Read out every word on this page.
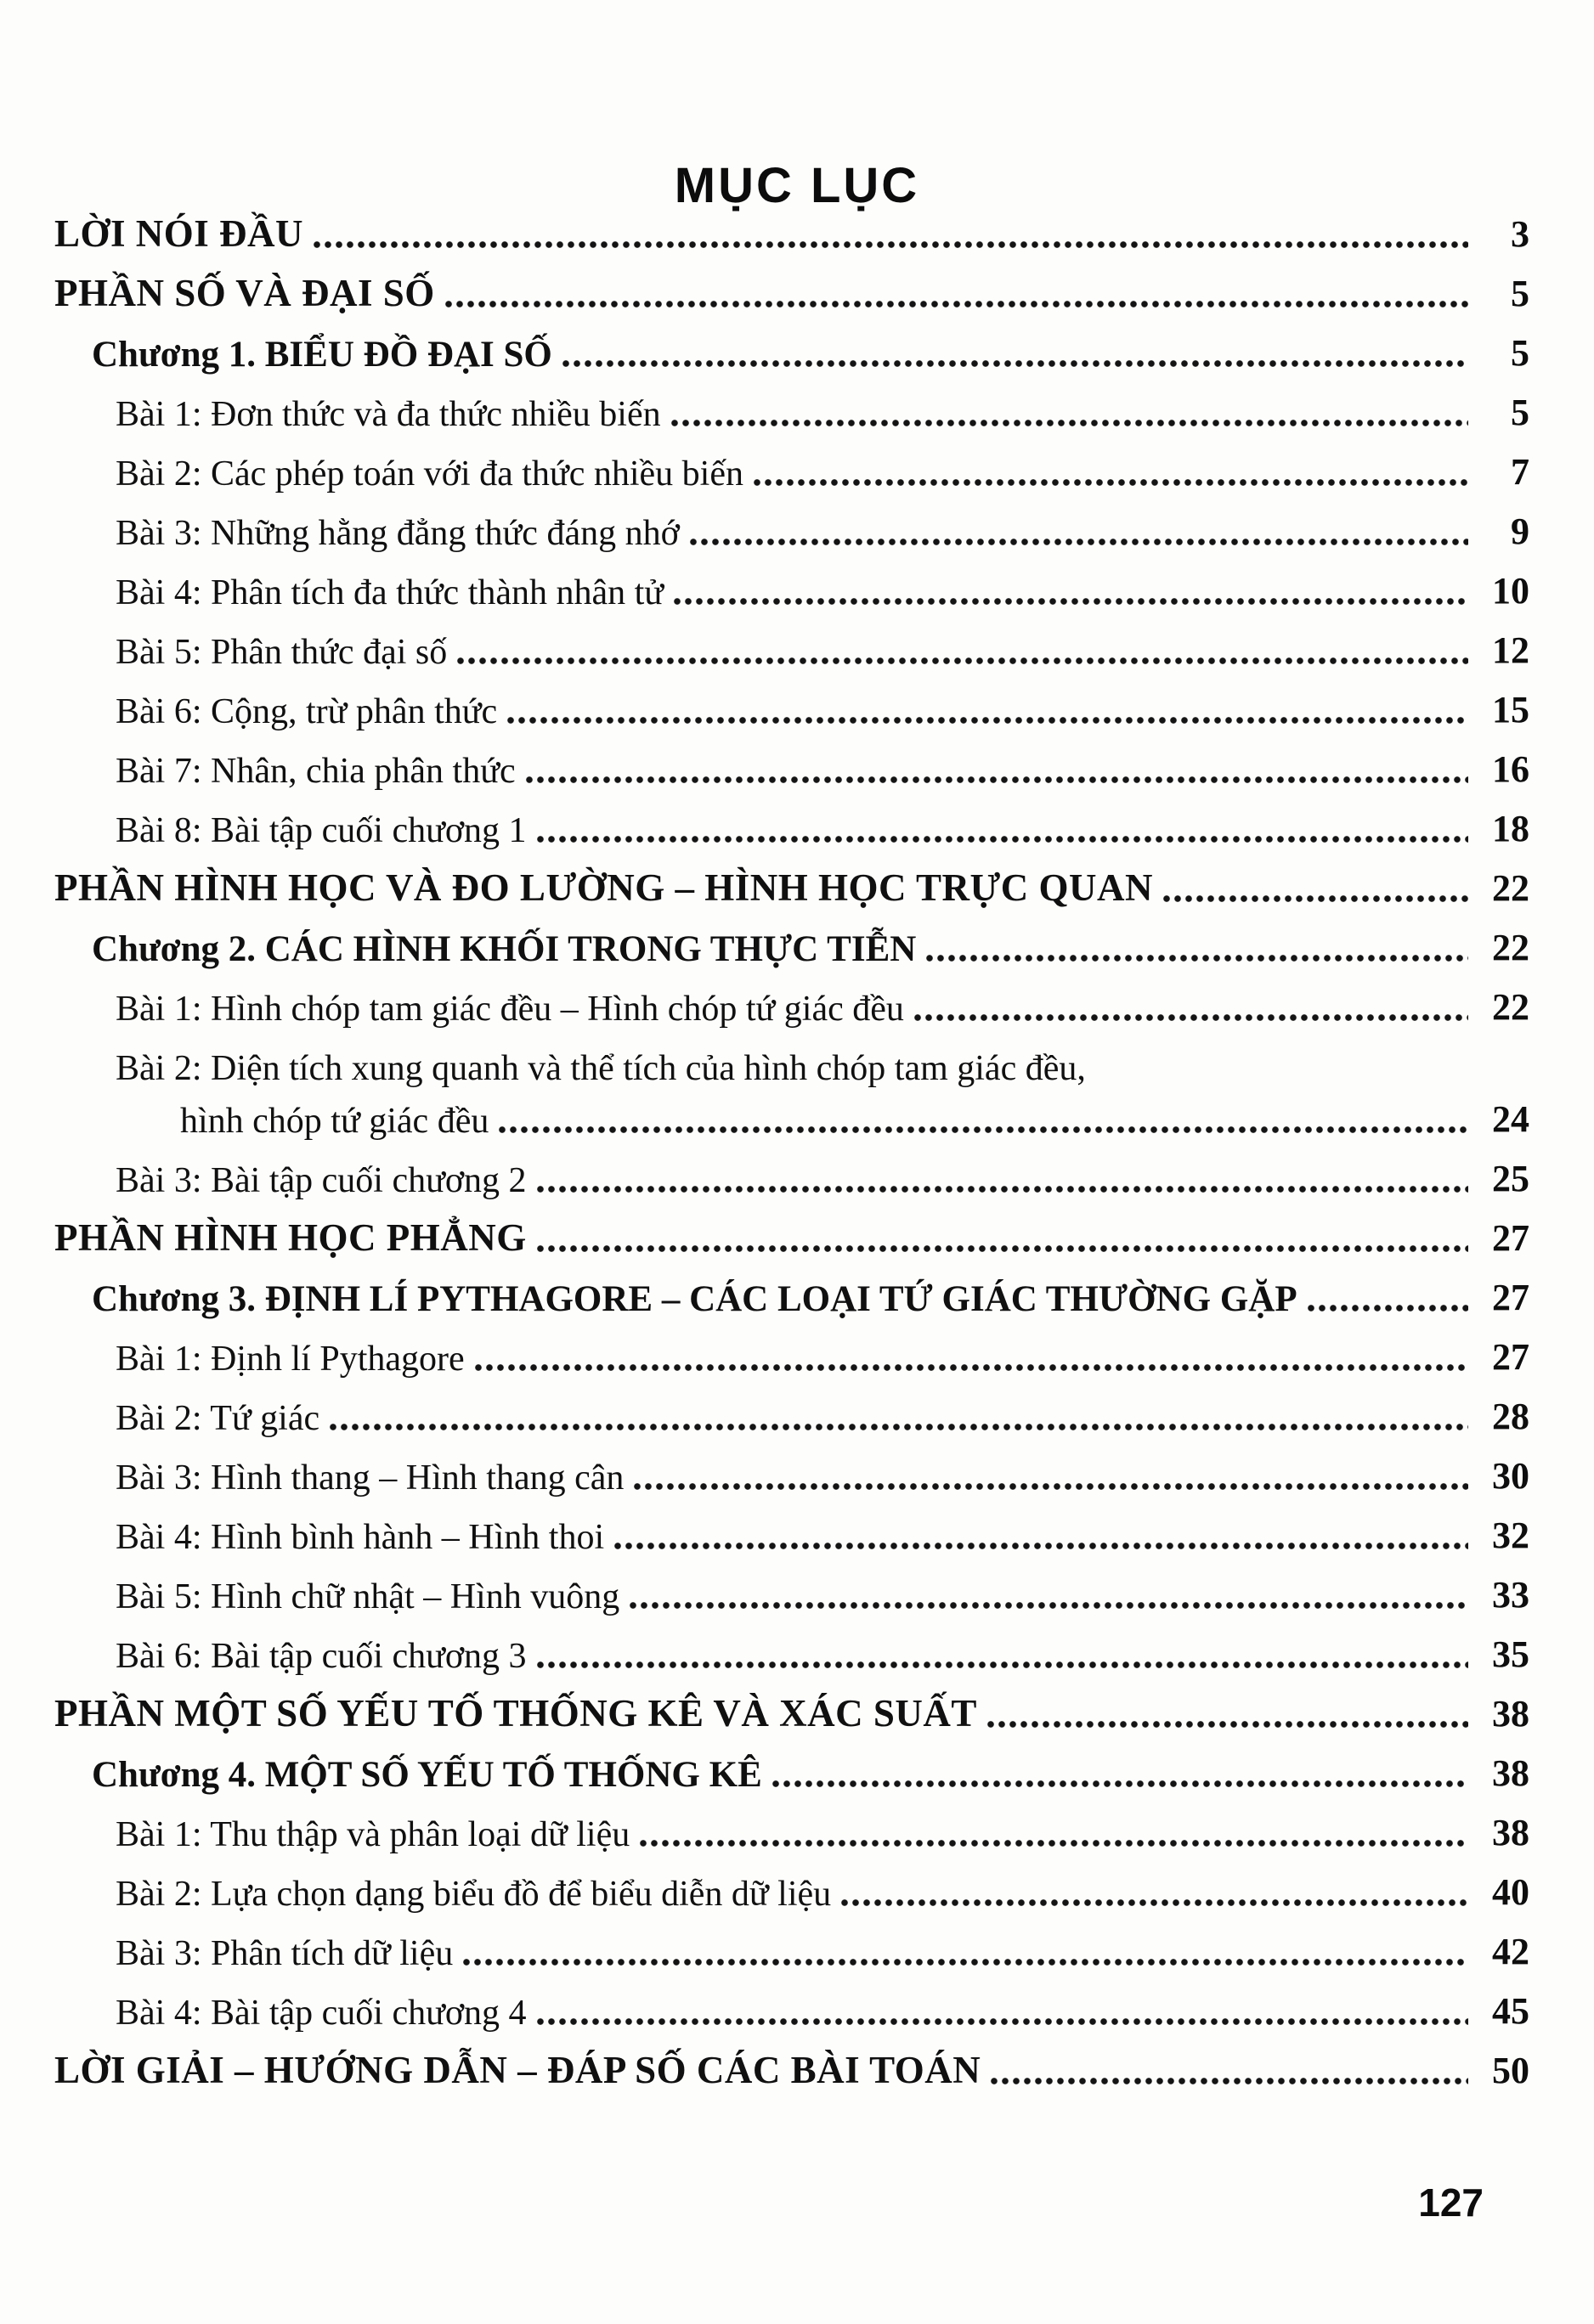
MỤC LỤC
LỜI NÓI ĐẦU	3
PHẦN SỐ VÀ ĐẠI SỐ	5
Chương 1. BIỂU ĐỒ ĐẠI SỐ	5
Bài 1: Đơn thức và đa thức nhiều biến	5
Bài 2: Các phép toán với đa thức nhiều biến	7
Bài 3: Những hằng đẳng thức đáng nhớ	9
Bài 4: Phân tích đa thức thành nhân tử	10
Bài 5: Phân thức đại số	12
Bài 6: Cộng, trừ phân thức	15
Bài 7: Nhân, chia phân thức	16
Bài 8: Bài tập cuối chương 1	18
PHẦN HÌNH HỌC VÀ ĐO LƯỜNG – HÌNH HỌC TRỰC QUAN	22
Chương 2. CÁC HÌNH KHỐI TRONG THỰC TIỄN	22
Bài 1: Hình chóp tam giác đều – Hình chóp tứ giác đều	22
Bài 2: Diện tích xung quanh và thể tích của hình chóp tam giác đều,
hình chóp tứ giác đều	24
Bài 3: Bài tập cuối chương 2	25
PHẦN HÌNH HỌC PHẲNG	27
Chương 3. ĐỊNH LÍ PYTHAGORE – CÁC LOẠI TỨ GIÁC THƯỜNG GẶP	27
Bài 1: Định lí Pythagore	27
Bài 2: Tứ giác	28
Bài 3: Hình thang – Hình thang cân	30
Bài 4: Hình bình hành – Hình thoi	32
Bài 5: Hình chữ nhật – Hình vuông	33
Bài 6: Bài tập cuối chương 3	35
PHẦN MỘT SỐ YẾU TỐ THỐNG KÊ VÀ XÁC SUẤT	38
Chương 4. MỘT SỐ YẾU TỐ THỐNG KÊ	38
Bài 1: Thu thập và phân loại dữ liệu	38
Bài 2: Lựa chọn dạng biểu đồ để biểu diễn dữ liệu	40
Bài 3: Phân tích dữ liệu	42
Bài 4: Bài tập cuối chương 4	45
LỜI GIẢI – HƯỚNG DẪN – ĐÁP SỐ CÁC BÀI TOÁN	50
127
